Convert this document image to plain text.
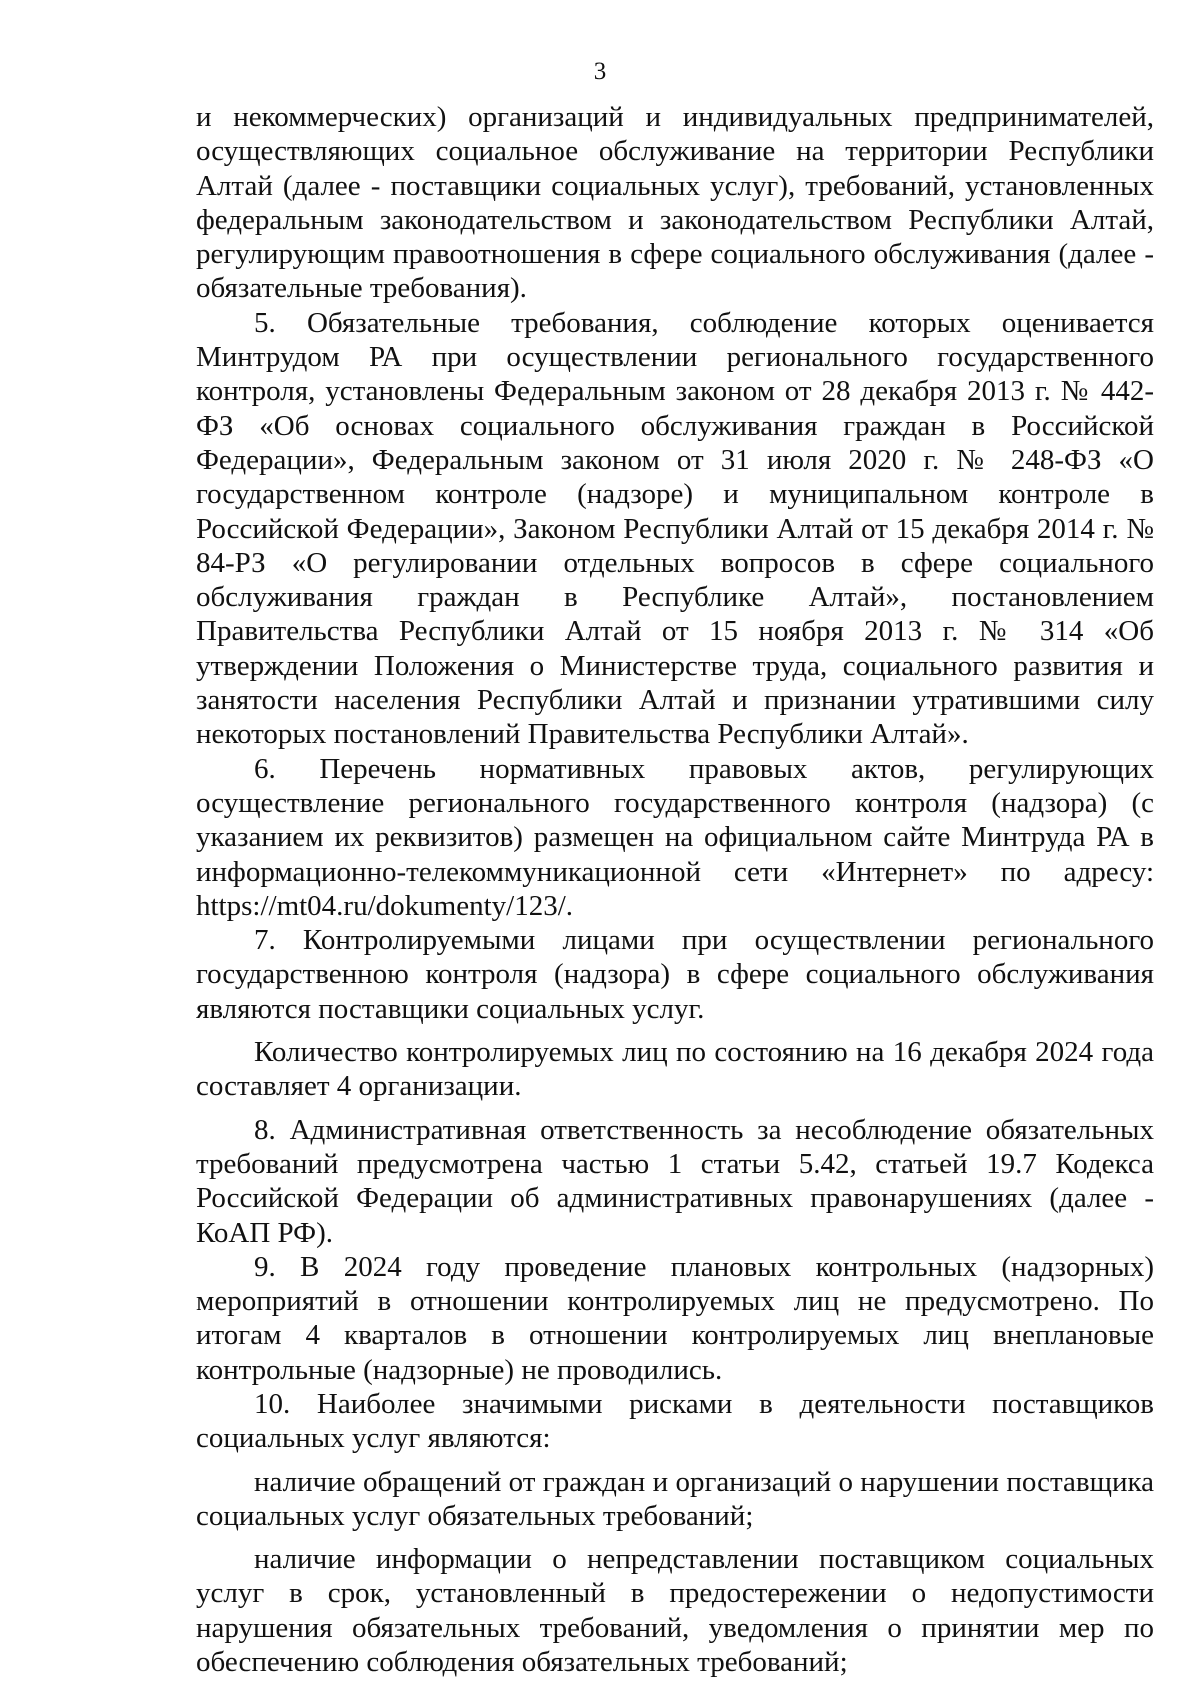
3

и некоммерческих) организаций и индивидуальных предпринимателей, осуществляющих социальное обслуживание на территории Республики Алтай (далее - поставщики социальных услуг), требований, установленных федеральным законодательством и законодательством Республики Алтай, регулирующим правоотношения в сфере социального обслуживания (далее - обязательные требования).

5. Обязательные требования, соблюдение которых оценивается Минтрудом РА при осуществлении регионального государственного контроля, установлены Федеральным законом от 28 декабря 2013 г. № 442-ФЗ «Об основах социального обслуживания граждан в Российской Федерации», Федеральным законом от 31 июля 2020 г. № 248-ФЗ «О государственном контроле (надзоре) и муниципальном контроле в Российской Федерации», Законом Республики Алтай от 15 декабря 2014 г. № 84-РЗ «О регулировании отдельных вопросов в сфере социального обслуживания граждан в Республике Алтай», постановлением Правительства Республики Алтай от 15 ноября 2013 г. № 314 «Об утверждении Положения о Министерстве труда, социального развития и занятости населения Республики Алтай и признании утратившими силу некоторых постановлений Правительства Республики Алтай».

6. Перечень нормативных правовых актов, регулирующих осуществление регионального государственного контроля (надзора) (с указанием их реквизитов) размещен на официальном сайте Минтруда РА в информационно-телекоммуникационной сети «Интернет» по адресу: https://mt04.ru/dokumenty/123/.

7. Контролируемыми лицами при осуществлении регионального государственною контроля (надзора) в сфере социального обслуживания являются поставщики социальных услуг.

Количество контролируемых лиц по состоянию на 16 декабря 2024 года составляет 4 организации.

8. Административная ответственность за несоблюдение обязательных требований предусмотрена частью 1 статьи 5.42, статьей 19.7 Кодекса Российской Федерации об административных правонарушениях (далее - КоАП РФ).

9. В 2024 году проведение плановых контрольных (надзорных) мероприятий в отношении контролируемых лиц не предусмотрено. По итогам 4 кварталов в отношении контролируемых лиц внеплановые контрольные (надзорные) не проводились.

10. Наиболее значимыми рисками в деятельности поставщиков социальных услуг являются:

наличие обращений от граждан и организаций о нарушении поставщика социальных услуг обязательных требований;

наличие информации о непредставлении поставщиком социальных услуг в срок, установленный в предостережении о недопустимости нарушения обязательных требований, уведомления о принятии мер по обеспечению соблюдения обязательных требований;
